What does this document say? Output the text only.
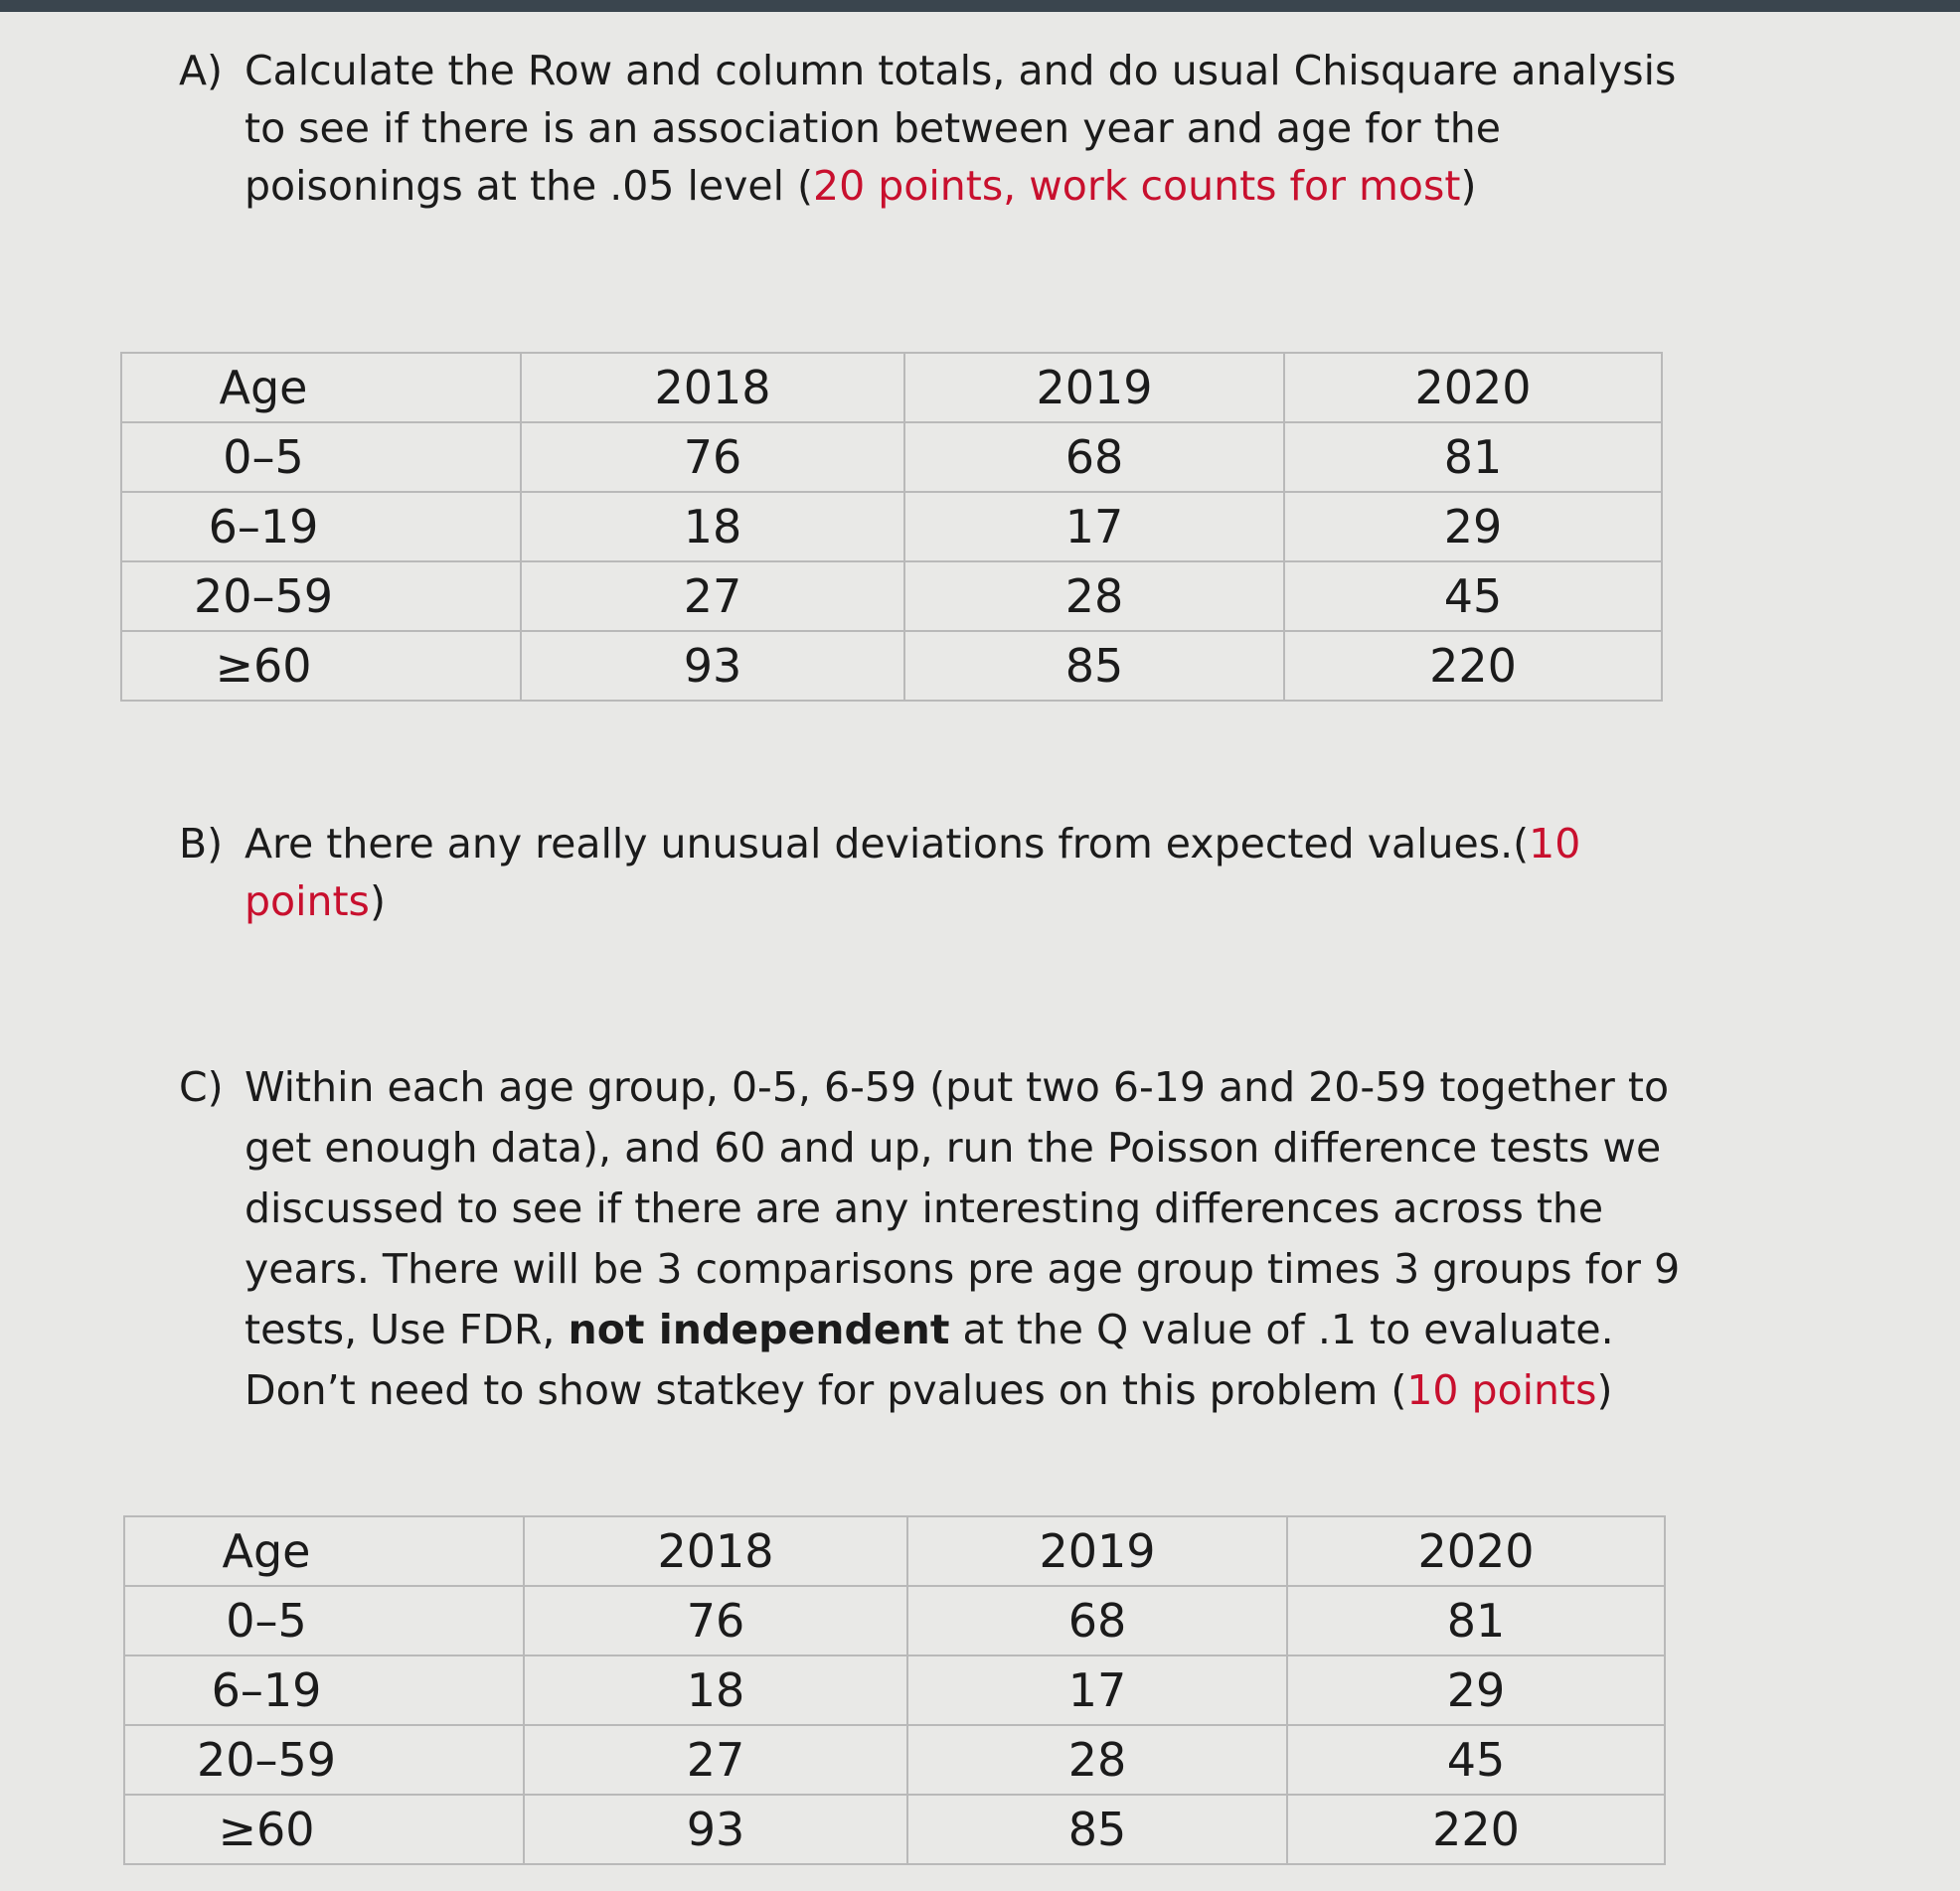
A) Calculate the Row and column totals, and do usual Chisquare analysis to see if there is an association between year and age for the poisonings at the .05 level (20 points, work counts for most)
Age	2018	2019	2020
0–5	76	68	81
6–19	18	17	29
20–59	27	28	45
≥60	93	85	220
B) Are there any really unusual deviations from expected values.(10 points)
C) Within each age group, 0-5, 6-59 (put two 6-19 and 20-59 together to get enough data), and 60 and up, run the Poisson difference tests we discussed to see if there are any interesting differences across the years. There will be 3 comparisons pre age group times 3 groups for 9 tests, Use FDR, not independent at the Q value of .1 to evaluate. Don’t need to show statkey for pvalues on this problem (10 points)
Age	2018	2019	2020
0–5	76	68	81
6–19	18	17	29
20–59	27	28	45
≥60	93	85	220
